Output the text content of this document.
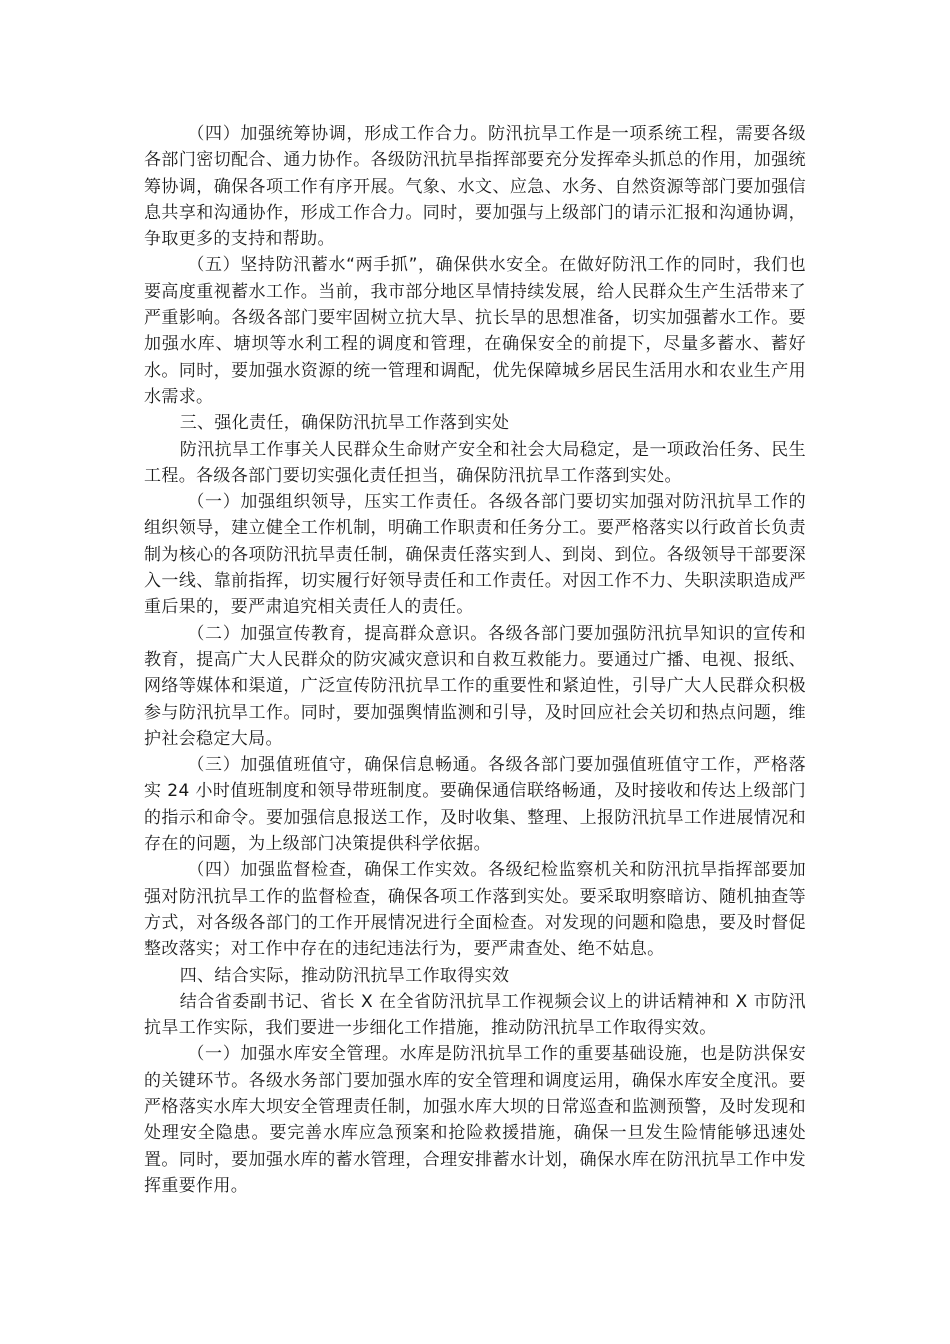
（四）加强统筹协调，形成工作合力。防汛抗旱工作是一项系统工程，需要各级各部门密切配合、通力协作。各级防汛抗旱指挥部要充分发挥牵头抓总的作用，加强统筹协调，确保各项工作有序开展。气象、水文、应急、水务、自然资源等部门要加强信息共享和沟通协作，形成工作合力。同时，要加强与上级部门的请示汇报和沟通协调，争取更多的支持和帮助。

（五）坚持防汛蓄水“两手抓”，确保供水安全。在做好防汛工作的同时，我们也要高度重视蓄水工作。当前，我市部分地区旱情持续发展，给人民群众生产生活带来了严重影响。各级各部门要牢固树立抗大旱、抗长旱的思想准备，切实加强蓄水工作。要加强水库、塘坝等水利工程的调度和管理，在确保安全的前提下，尽量多蓄水、蓄好水。同时，要加强水资源的统一管理和调配，优先保障城乡居民生活用水和农业生产用水需求。

三、强化责任，确保防汛抗旱工作落到实处

防汛抗旱工作事关人民群众生命财产安全和社会大局稳定，是一项政治任务、民生工程。各级各部门要切实强化责任担当，确保防汛抗旱工作落到实处。

（一）加强组织领导，压实工作责任。各级各部门要切实加强对防汛抗旱工作的组织领导，建立健全工作机制，明确工作职责和任务分工。要严格落实以行政首长负责制为核心的各项防汛抗旱责任制，确保责任落实到人、到岗、到位。各级领导干部要深入一线、靠前指挥，切实履行好领导责任和工作责任。对因工作不力、失职渎职造成严重后果的，要严肃追究相关责任人的责任。

（二）加强宣传教育，提高群众意识。各级各部门要加强防汛抗旱知识的宣传和教育，提高广大人民群众的防灾减灾意识和自救互救能力。要通过广播、电视、报纸、网络等媒体和渠道，广泛宣传防汛抗旱工作的重要性和紧迫性，引导广大人民群众积极参与防汛抗旱工作。同时，要加强舆情监测和引导，及时回应社会关切和热点问题，维护社会稳定大局。

（三）加强值班值守，确保信息畅通。各级各部门要加强值班值守工作，严格落实 24 小时值班制度和领导带班制度。要确保通信联络畅通，及时接收和传达上级部门的指示和命令。要加强信息报送工作，及时收集、整理、上报防汛抗旱工作进展情况和存在的问题，为上级部门决策提供科学依据。

（四）加强监督检查，确保工作实效。各级纪检监察机关和防汛抗旱指挥部要加强对防汛抗旱工作的监督检查，确保各项工作落到实处。要采取明察暗访、随机抽查等方式，对各级各部门的工作开展情况进行全面检查。对发现的问题和隐患，要及时督促整改落实；对工作中存在的违纪违法行为，要严肃查处、绝不姑息。

四、结合实际，推动防汛抗旱工作取得实效

结合省委副书记、省长 X 在全省防汛抗旱工作视频会议上的讲话精神和 X 市防汛抗旱工作实际，我们要进一步细化工作措施，推动防汛抗旱工作取得实效。

（一）加强水库安全管理。水库是防汛抗旱工作的重要基础设施，也是防洪保安的关键环节。各级水务部门要加强水库的安全管理和调度运用，确保水库安全度汛。要严格落实水库大坝安全管理责任制，加强水库大坝的日常巡查和监测预警，及时发现和处理安全隐患。要完善水库应急预案和抢险救援措施，确保一旦发生险情能够迅速处置。同时，要加强水库的蓄水管理，合理安排蓄水计划，确保水库在防汛抗旱工作中发挥重要作用。
